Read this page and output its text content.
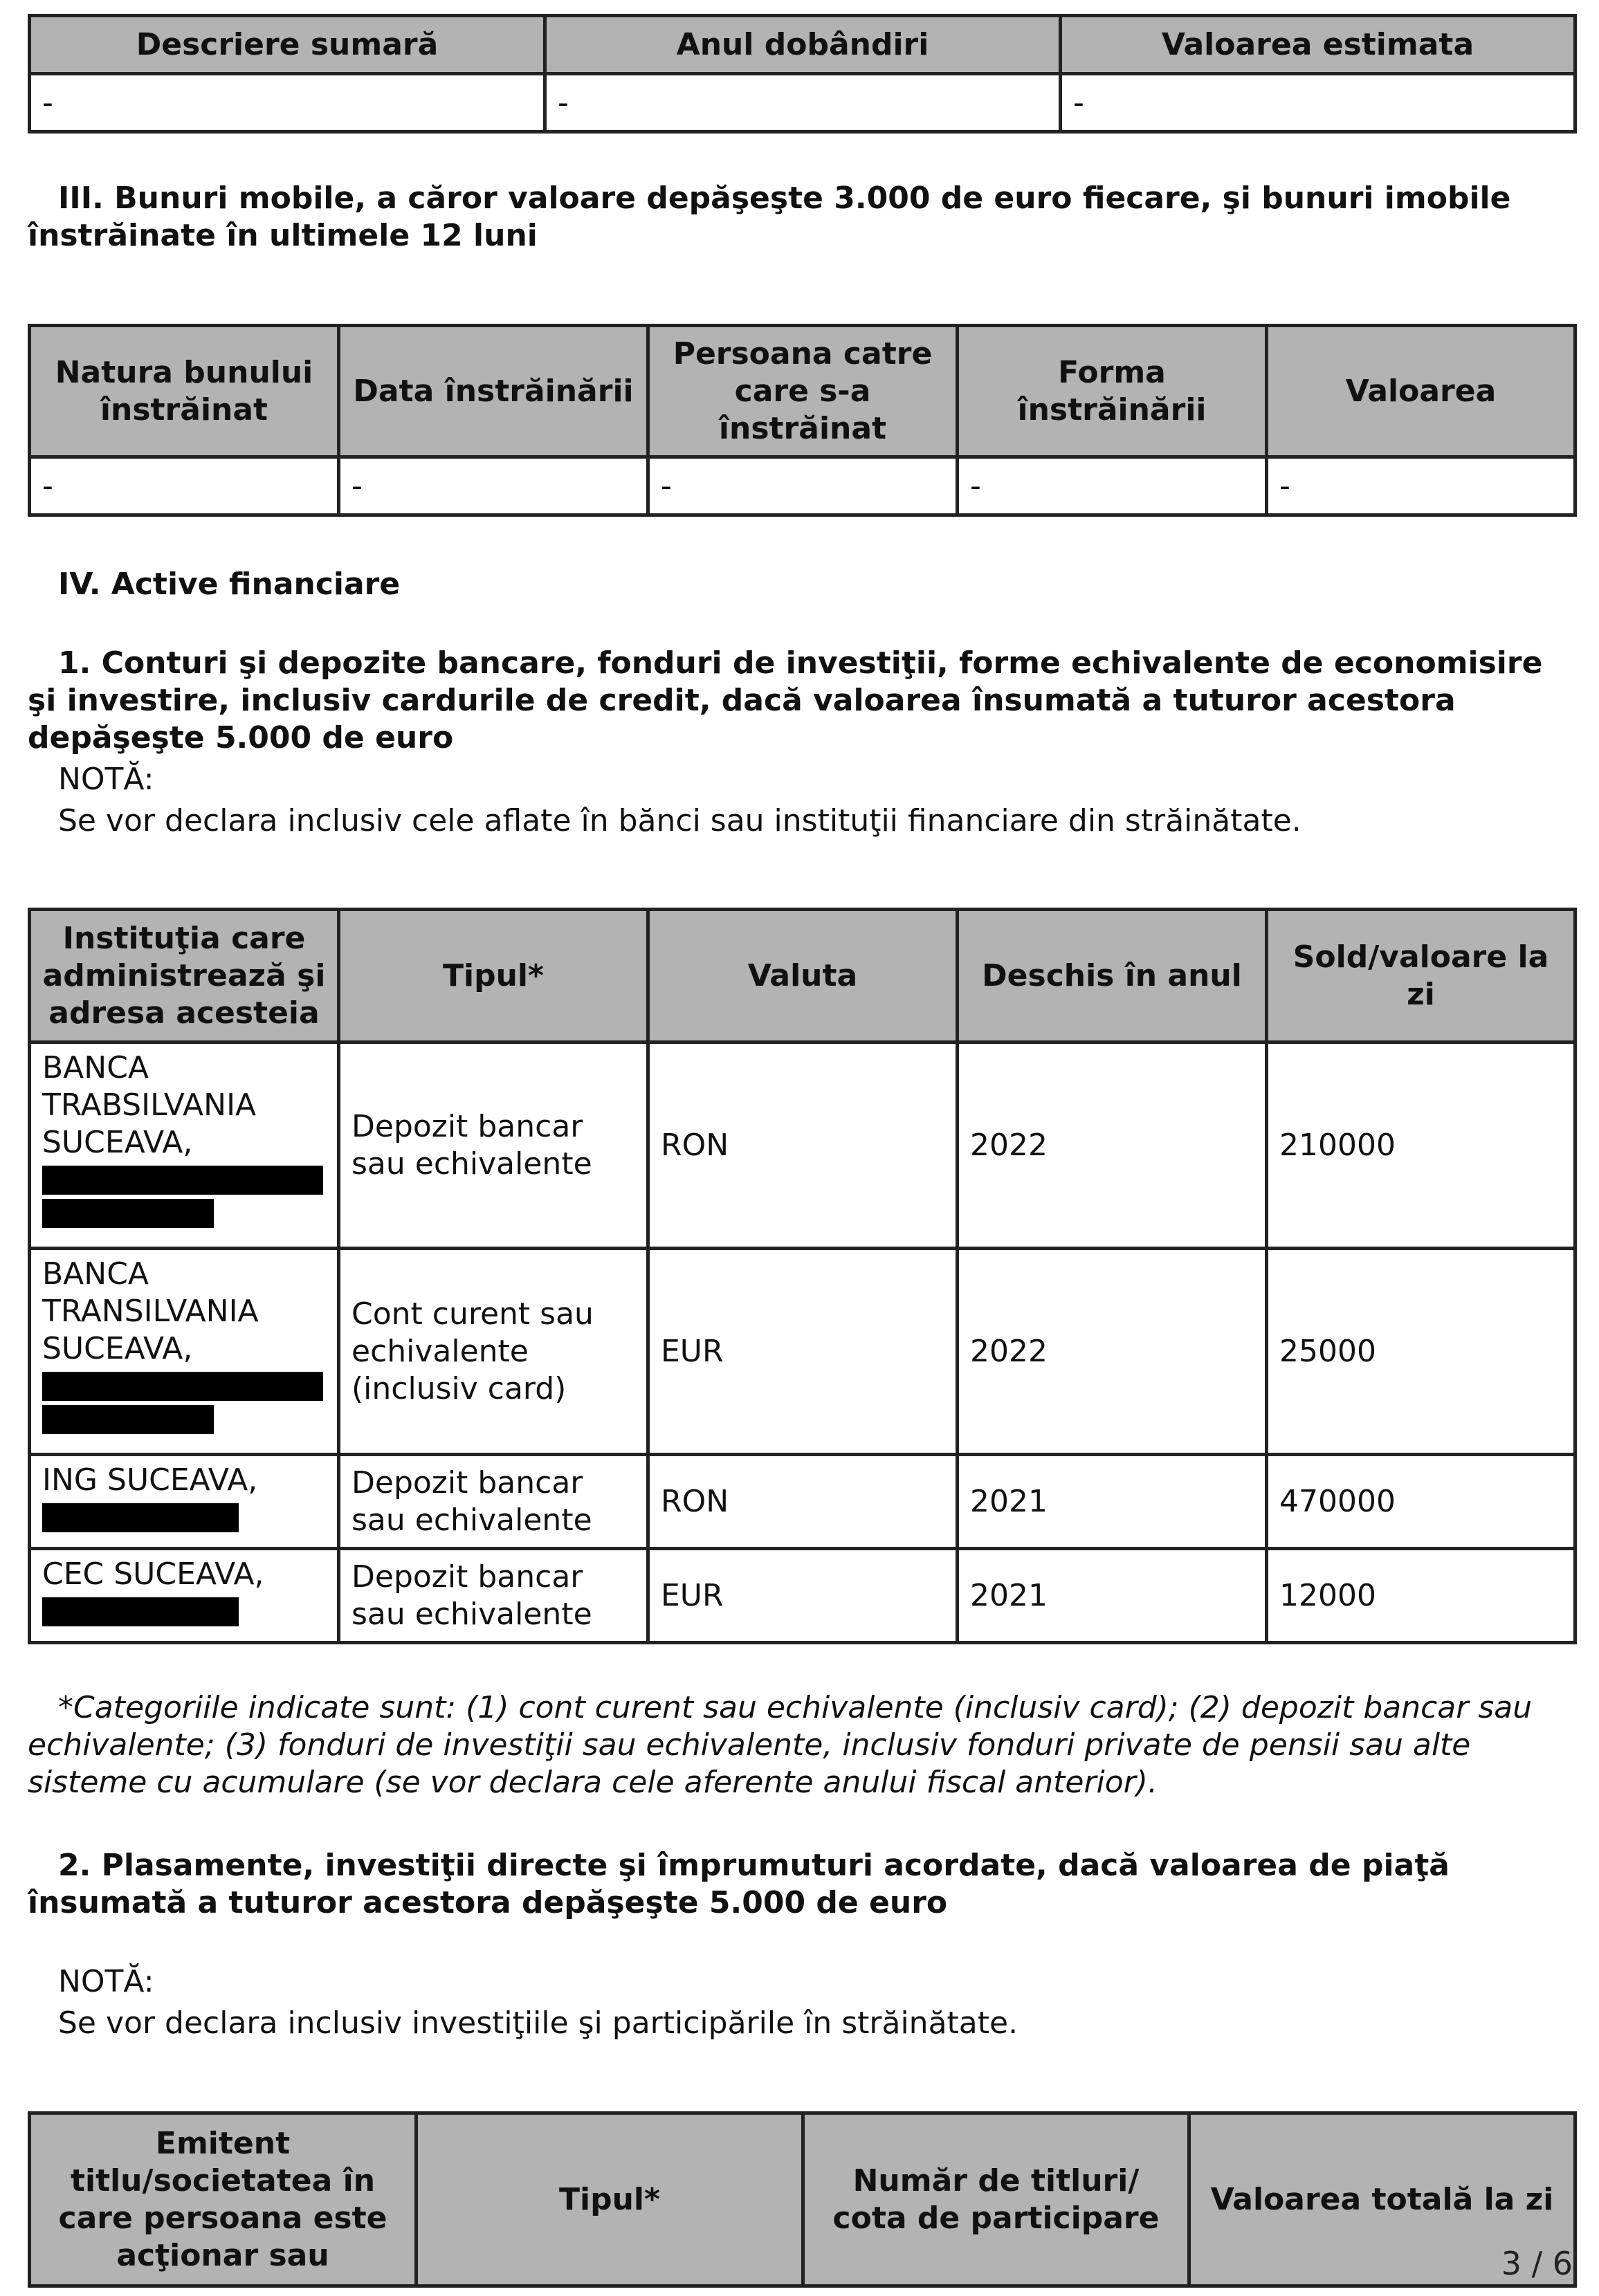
Descriere sumară	Anul dobândiri	Valoarea estimata
-	-	-

III. Bunuri mobile, a căror valoare depăşeşte 3.000 de euro fiecare, şi bunuri imobile înstrăinate în ultimele 12 luni

Natura bunului înstrăinat	Data înstrăinării	Persoana catre care s-a înstrăinat	Forma înstrăinării	Valoarea
-	-	-	-	-

IV. Active financiare

1. Conturi şi depozite bancare, fonduri de investiţii, forme echivalente de economisire şi investire, inclusiv cardurile de credit, dacă valoarea însumată a tuturor acestora depăşeşte 5.000 de euro

NOTĂ:

Se vor declara inclusiv cele aflate în bănci sau instituţii financiare din străinătate.

Instituţia care administrează şi adresa acesteia	Tipul*	Valuta	Deschis în anul	Sold/valoare la zi
BANCA TRABSILVANIA SUCEAVA,	Depozit bancar sau echivalente	RON	2022	210000
BANCA TRANSILVANIA SUCEAVA,	Cont curent sau echivalente (inclusiv card)	EUR	2022	25000
ING SUCEAVA,	Depozit bancar sau echivalente	RON	2021	470000
CEC SUCEAVA,	Depozit bancar sau echivalente	EUR	2021	12000

*Categoriile indicate sunt: (1) cont curent sau echivalente (inclusiv card); (2) depozit bancar sau echivalente; (3) fonduri de investiţii sau echivalente, inclusiv fonduri private de pensii sau alte sisteme cu acumulare (se vor declara cele aferente anului fiscal anterior).

2. Plasamente, investiţii directe şi împrumuturi acordate, dacă valoarea de piaţă însumată a tuturor acestora depăşeşte 5.000 de euro

NOTĂ:

Se vor declara inclusiv investiţiile şi participările în străinătate.

Emitent titlu/societatea în care persoana este acţionar sau	Tipul*	Număr de titluri/ cota de participare	Valoarea totală la zi
3 / 6
